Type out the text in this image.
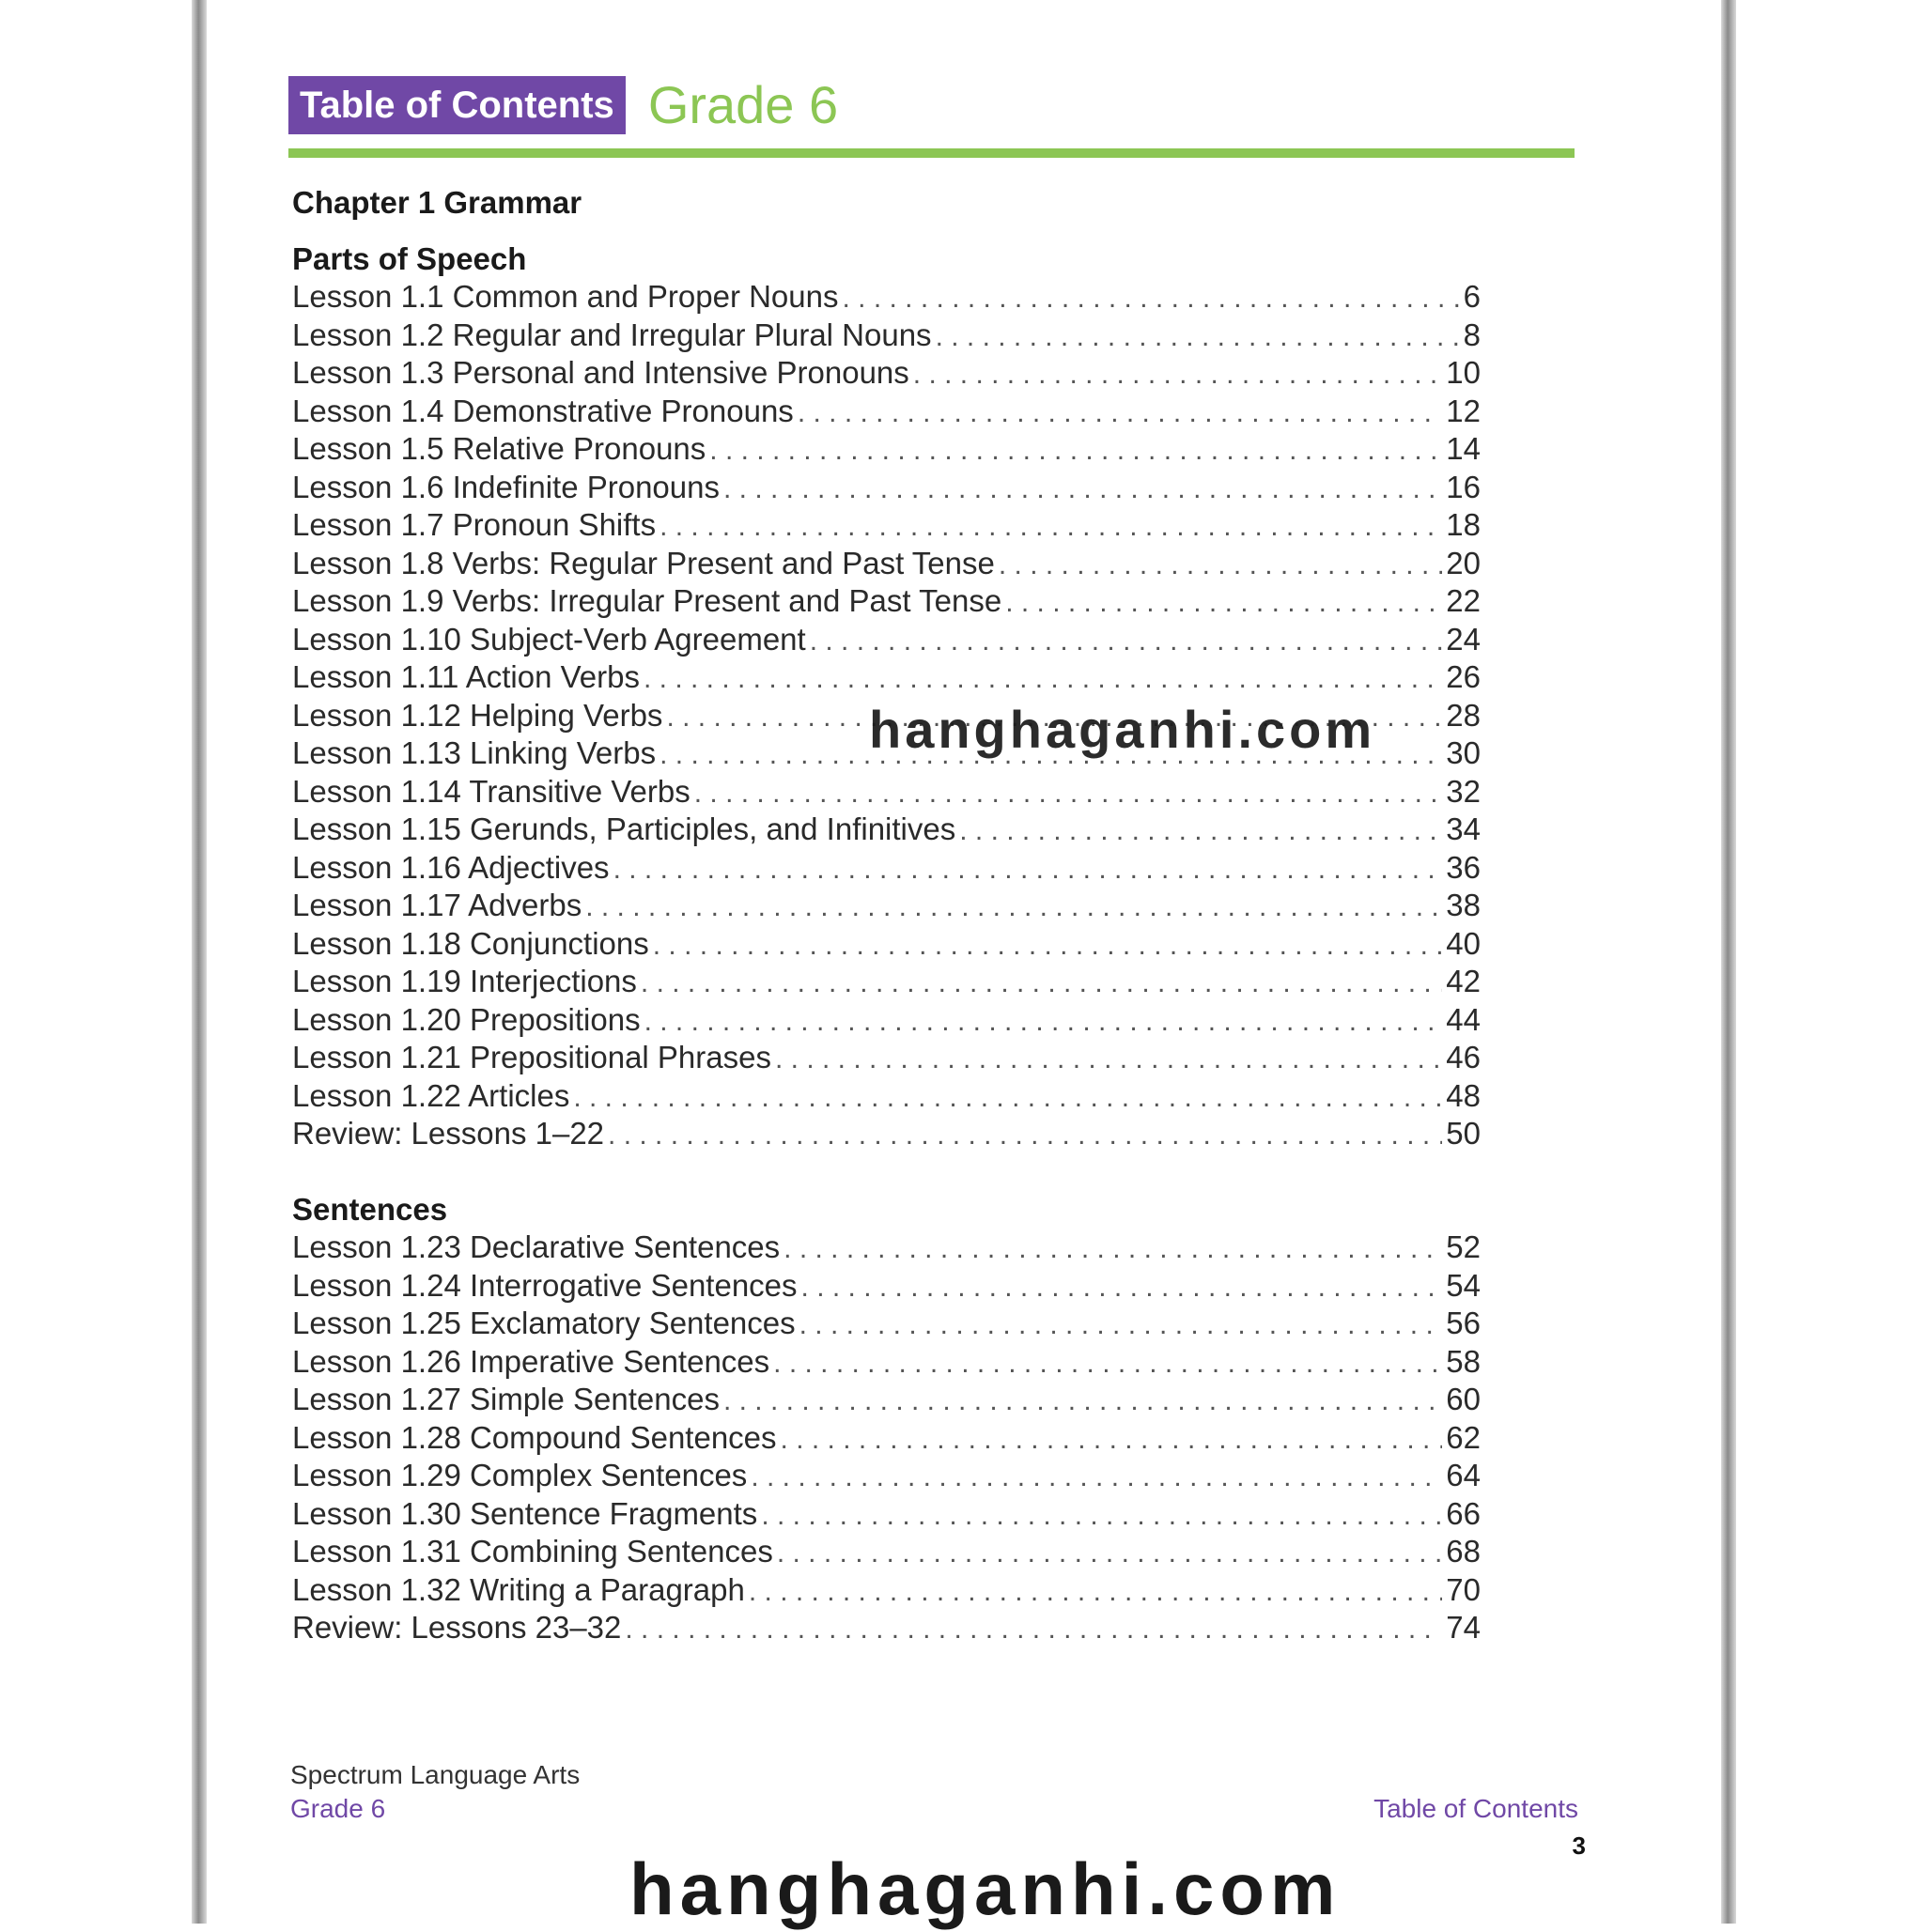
Table of Contents Grade 6
Chapter 1 Grammar
Parts of Speech
Lesson 1.1 Common and Proper Nouns . . .	6
Lesson 1.2 Regular and Irregular Plural Nouns . . .	8
Lesson 1.3 Personal and Intensive Pronouns . . .	10
Lesson 1.4 Demonstrative Pronouns . . .	12
Lesson 1.5 Relative Pronouns . . .	14
Lesson 1.6 Indefinite Pronouns . . .	16
Lesson 1.7 Pronoun Shifts . . .	18
Lesson 1.8 Verbs: Regular Present and Past Tense . . .	20
Lesson 1.9 Verbs: Irregular Present and Past Tense . . .	22
Lesson 1.10 Subject-Verb Agreement . . .	24
Lesson 1.11 Action Verbs . . .	26
Lesson 1.12 Helping Verbs . . .	28
Lesson 1.13 Linking Verbs . . .	30
Lesson 1.14 Transitive Verbs . . .	32
Lesson 1.15 Gerunds, Participles, and Infinitives . . .	34
Lesson 1.16 Adjectives . . .	36
Lesson 1.17 Adverbs . . .	38
Lesson 1.18 Conjunctions . . .	40
Lesson 1.19 Interjections . . .	42
Lesson 1.20 Prepositions . . .	44
Lesson 1.21 Prepositional Phrases . . .	46
Lesson 1.22 Articles . . .	48
Review: Lessons 1–22 . . .	50
Sentences
Lesson 1.23 Declarative Sentences . . .	52
Lesson 1.24 Interrogative Sentences . . .	54
Lesson 1.25 Exclamatory Sentences . . .	56
Lesson 1.26 Imperative Sentences . . .	58
Lesson 1.27 Simple Sentences . . .	60
Lesson 1.28 Compound Sentences . . .	62
Lesson 1.29 Complex Sentences . . .	64
Lesson 1.30 Sentence Fragments . . .	66
Lesson 1.31 Combining Sentences . . .	68
Lesson 1.32 Writing a Paragraph . . .	70
Review: Lessons 23–32 . . .	74
hanghaganhi.com
Spectrum Language Arts
Grade 6	Table of Contents
3
hanghaganhi.com
